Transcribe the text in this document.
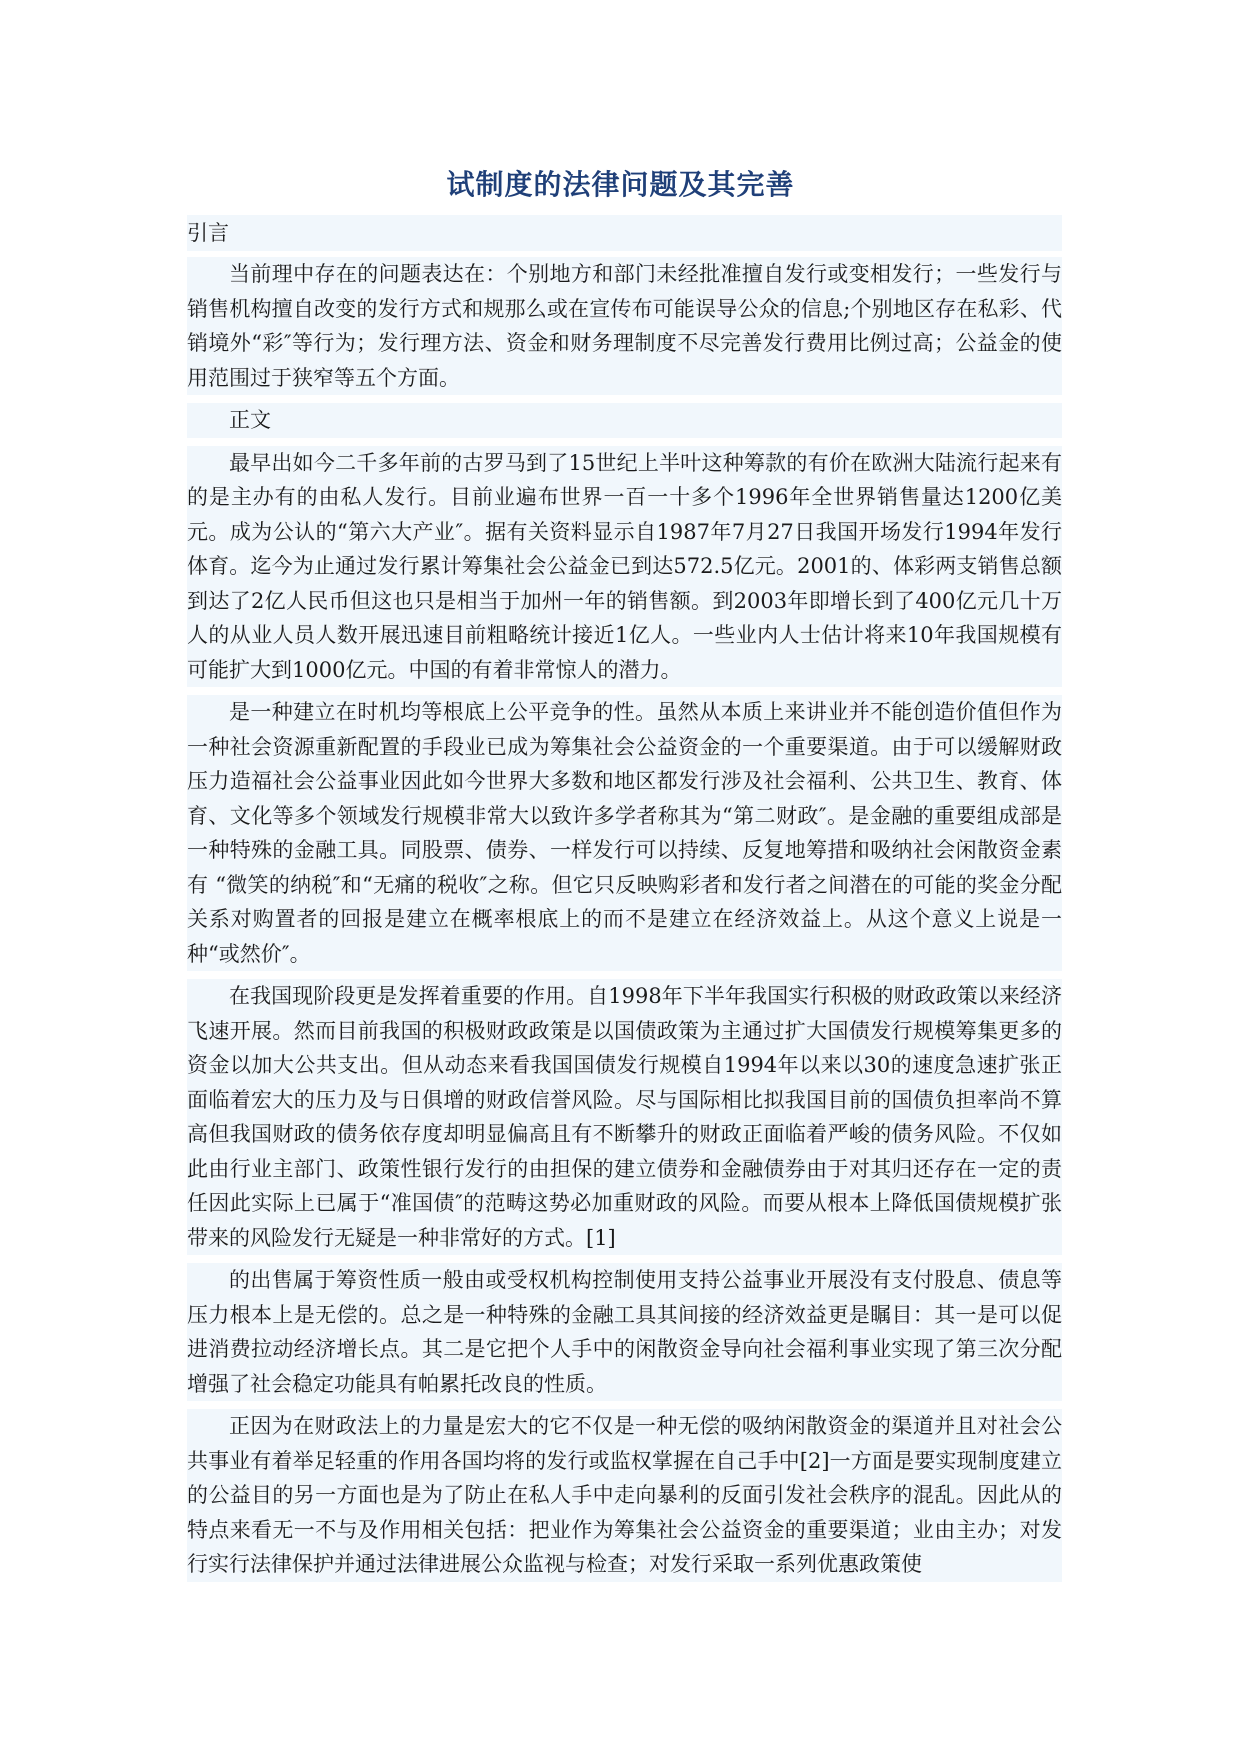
试制度的法律问题及其完善
引言
当前理中存在的问题表达在：个别地方和部门未经批准擅自发行或变相发行；一些发行与销售机构擅自改变的发行方式和规那么或在宣传布可能误导公众的信息;个别地区存在私彩、代销境外“彩″等行为；发行理方法、资金和财务理制度不尽完善发行费用比例过高；公益金的使用范围过于狭窄等五个方面。
正文
最早出如今二千多年前的古罗马到了15世纪上半叶这种筹款的有价在欧洲大陆流行起来有的是主办有的由私人发行。目前业遍布世界一百一十多个1996年全世界销售量达1200亿美元。成为公认的“第六大产业″。据有关资料显示自1987年7月27日我国开场发行1994年发行体育。迄今为止通过发行累计筹集社会公益金已到达572.5亿元。2001的、体彩两支销售总额到达了2亿人民币但这也只是相当于加州一年的销售额。到2003年即增长到了400亿元几十万人的从业人员人数开展迅速目前粗略统计接近1亿人。一些业内人士估计将来10年我国规模有可能扩大到1000亿元。中国的有着非常惊人的潜力。
是一种建立在时机均等根底上公平竞争的性。虽然从本质上来讲业并不能创造价值但作为一种社会资源重新配置的手段业已成为筹集社会公益资金的一个重要渠道。由于可以缓解财政压力造福社会公益事业因此如今世界大多数和地区都发行涉及社会福利、公共卫生、教育、体育、文化等多个领域发行规模非常大以致许多学者称其为“第二财政″。是金融的重要组成部是一种特殊的金融工具。同股票、债券、一样发行可以持续、反复地筹措和吸纳社会闲散资金素有 “微笑的纳税″和“无痛的税收″之称。但它只反映购彩者和发行者之间潜在的可能的奖金分配关系对购置者的回报是建立在概率根底上的而不是建立在经济效益上。从这个意义上说是一种“或然价″。
在我国现阶段更是发挥着重要的作用。自1998年下半年我国实行积极的财政政策以来经济飞速开展。然而目前我国的积极财政政策是以国债政策为主通过扩大国债发行规模筹集更多的资金以加大公共支出。但从动态来看我国国债发行规模自1994年以来以30的速度急速扩张正面临着宏大的压力及与日俱增的财政信誉风险。尽与国际相比拟我国目前的国债负担率尚不算高但我国财政的债务依存度却明显偏高且有不断攀升的财政正面临着严峻的债务风险。不仅如此由行业主部门、政策性银行发行的由担保的建立债券和金融债券由于对其归还存在一定的责任因此实际上已属于“准国债″的范畴这势必加重财政的风险。而要从根本上降低国债规模扩张带来的风险发行无疑是一种非常好的方式。[1]
的出售属于筹资性质一般由或受权机构控制使用支持公益事业开展没有支付股息、债息等压力根本上是无偿的。总之是一种特殊的金融工具其间接的经济效益更是瞩目：其一是可以促进消费拉动经济增长点。其二是它把个人手中的闲散资金导向社会福利事业实现了第三次分配增强了社会稳定功能具有帕累托改良的性质。
正因为在财政法上的力量是宏大的它不仅是一种无偿的吸纳闲散资金的渠道并且对社会公共事业有着举足轻重的作用各国均将的发行或监权掌握在自己手中[2]一方面是要实现制度建立的公益目的另一方面也是为了防止在私人手中走向暴利的反面引发社会秩序的混乱。因此从的特点来看无一不与及作用相关包括：把业作为筹集社会公益资金的重要渠道；业由主办；对发行实行法律保护并通过法律进展公众监视与检查；对发行采取一系列优惠政策使
